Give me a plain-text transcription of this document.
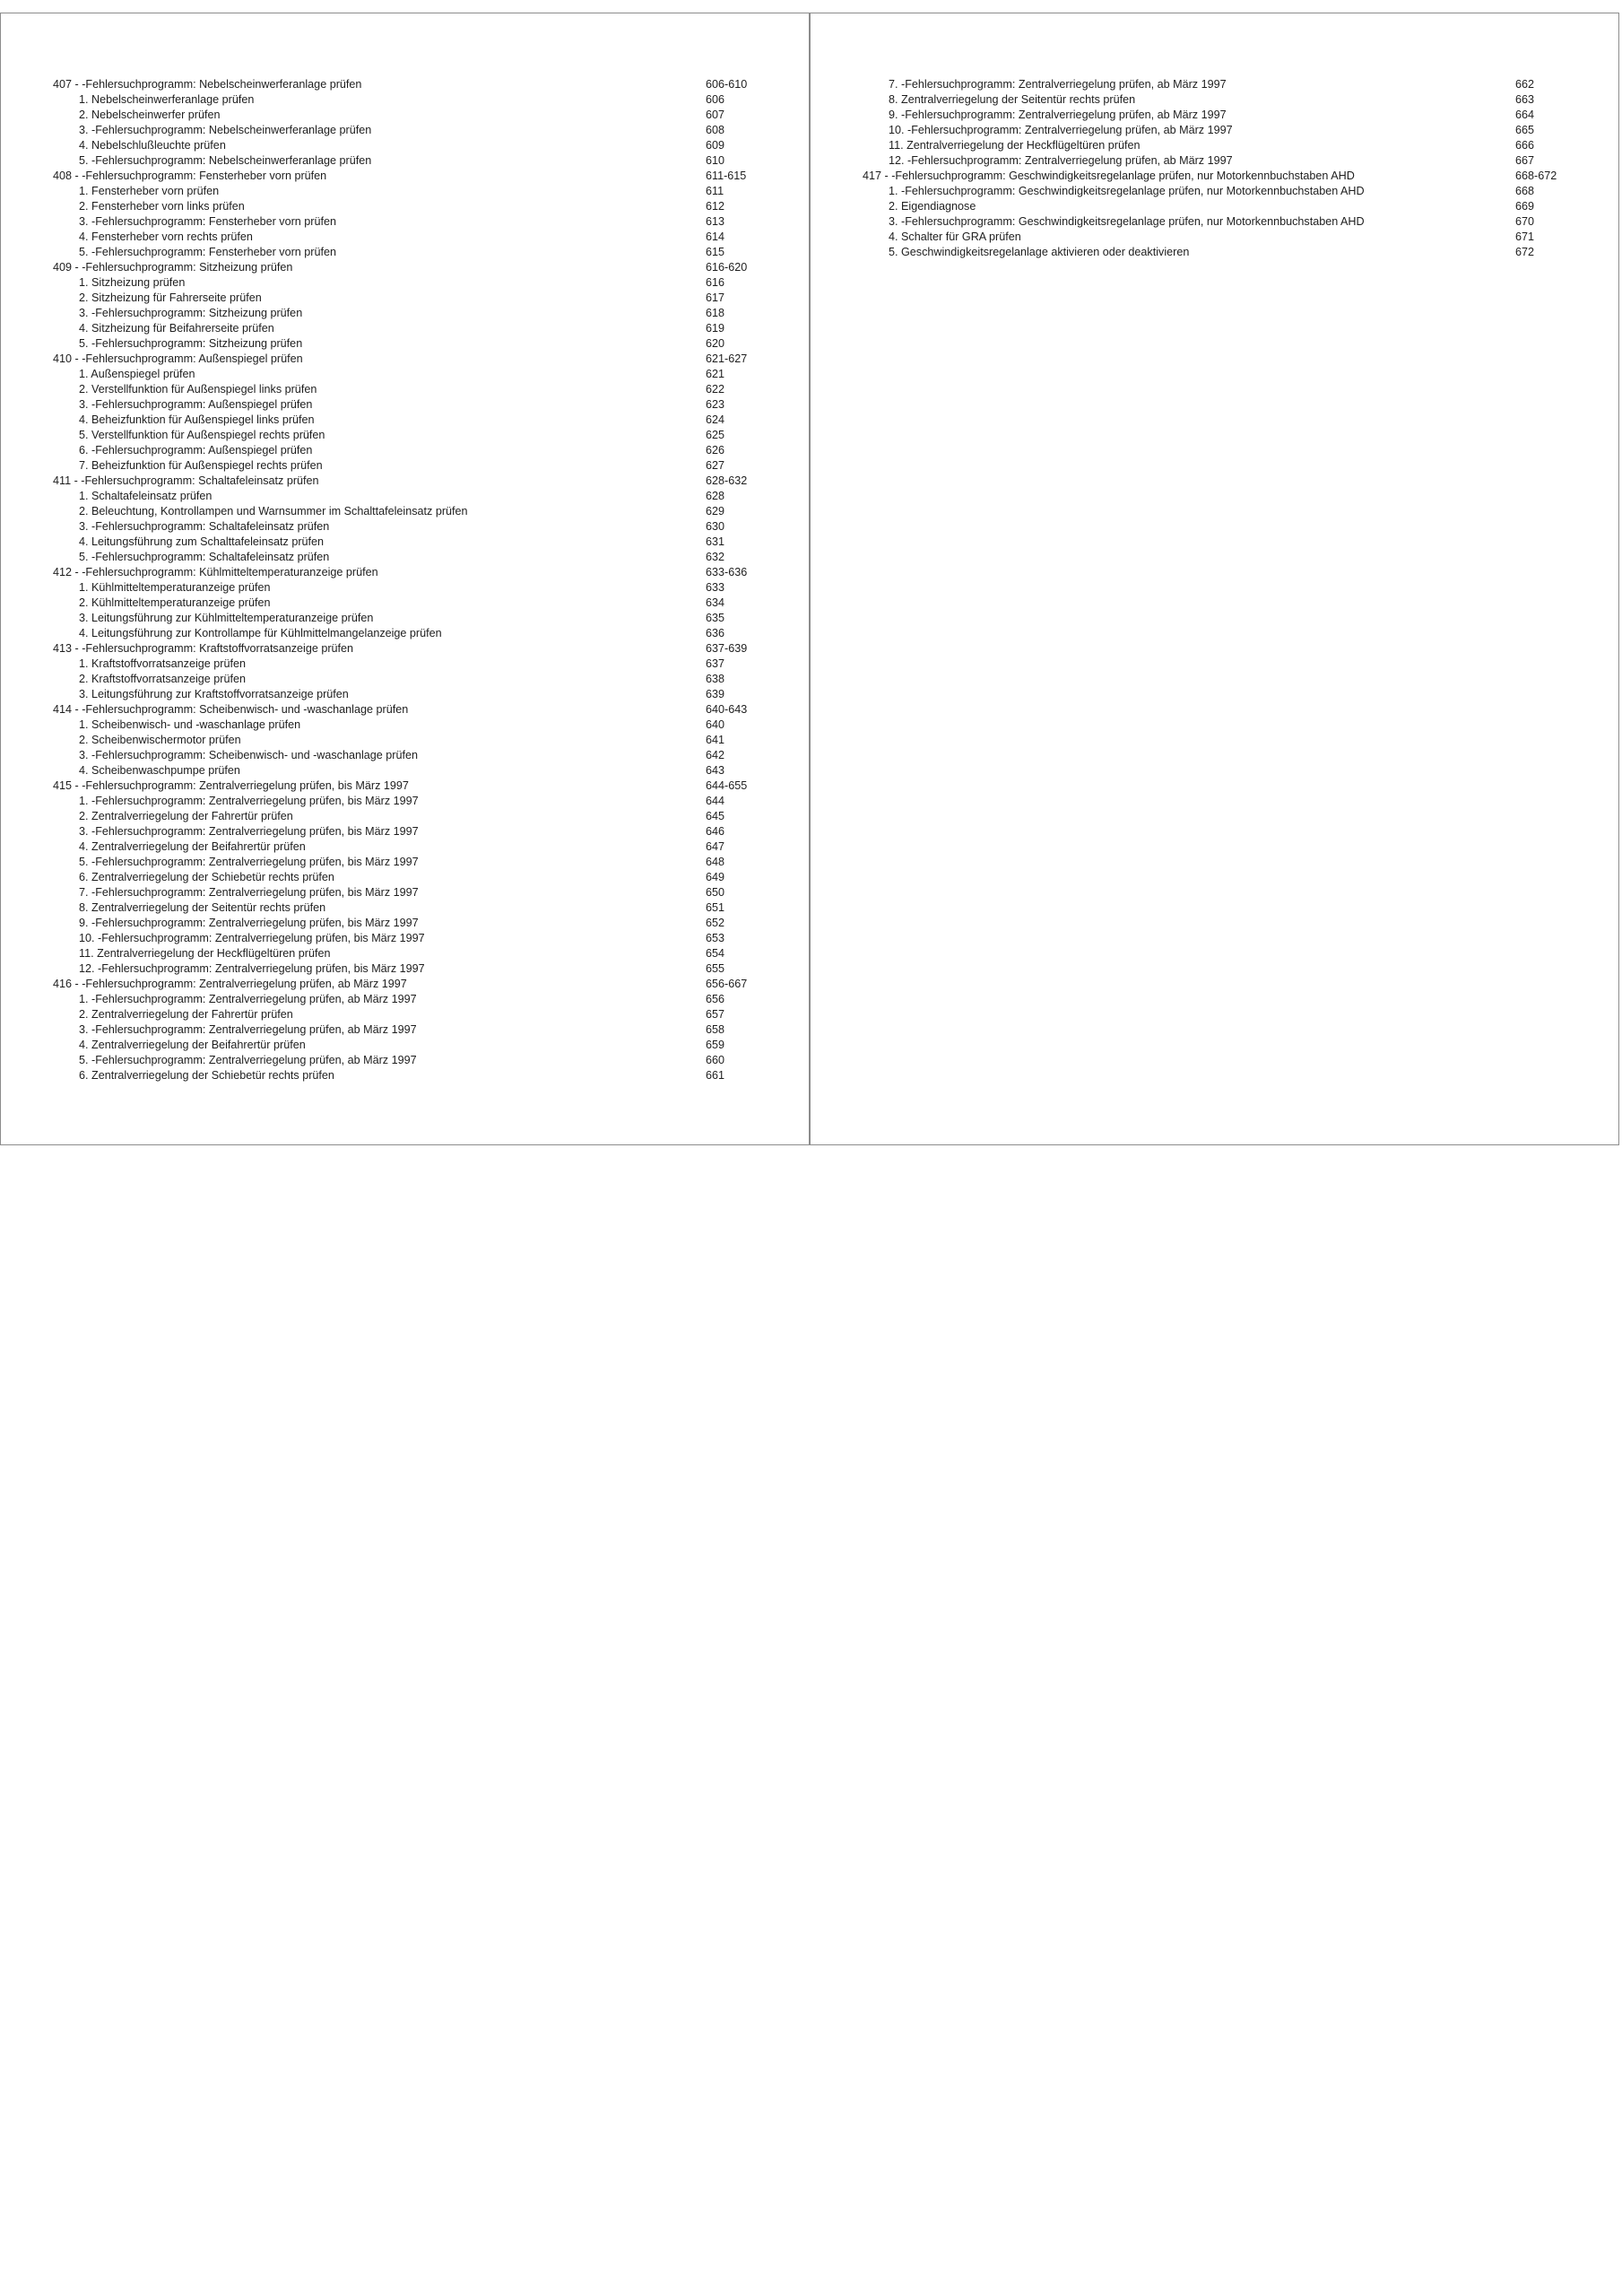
407 - -Fehlersuchprogramm: Nebelscheinwerferanlage prüfen	606-610
1. Nebelscheinwerferanlage prüfen	606
2. Nebelscheinwerfer prüfen	607
3. -Fehlersuchprogramm: Nebelscheinwerferanlage prüfen	608
4. Nebelschlußleuchte prüfen	609
5. -Fehlersuchprogramm: Nebelscheinwerferanlage prüfen	610
408 - -Fehlersuchprogramm: Fensterheber vorn prüfen	611-615
1. Fensterheber vorn prüfen	611
2. Fensterheber vorn links prüfen	612
3. -Fehlersuchprogramm: Fensterheber vorn prüfen	613
4. Fensterheber vorn rechts prüfen	614
5. -Fehlersuchprogramm: Fensterheber vorn prüfen	615
409 - -Fehlersuchprogramm: Sitzheizung prüfen	616-620
1. Sitzheizung prüfen	616
2. Sitzheizung für Fahrerseite prüfen	617
3. -Fehlersuchprogramm: Sitzheizung prüfen	618
4. Sitzheizung für Beifahrerseite prüfen	619
5. -Fehlersuchprogramm: Sitzheizung prüfen	620
410 - -Fehlersuchprogramm: Außenspiegel prüfen	621-627
1. Außenspiegel prüfen	621
2. Verstellfunktion für Außenspiegel links prüfen	622
3. -Fehlersuchprogramm: Außenspiegel prüfen	623
4. Beheizfunktion für Außenspiegel links prüfen	624
5. Verstellfunktion für Außenspiegel rechts prüfen	625
6. -Fehlersuchprogramm: Außenspiegel prüfen	626
7. Beheizfunktion für Außenspiegel rechts prüfen	627
411 - -Fehlersuchprogramm: Schaltafeleinsatz prüfen	628-632
1. Schaltafeleinsatz prüfen	628
2. Beleuchtung, Kontrollampen und Warnsummer im Schalttafeleinsatz prüfen	629
3. -Fehlersuchprogramm: Schaltafeleinsatz prüfen	630
4. Leitungsführung zum Schalttafeleinsatz prüfen	631
5. -Fehlersuchprogramm: Schaltafeleinsatz prüfen	632
412 - -Fehlersuchprogramm: Kühlmitteltemperaturanzeige prüfen	633-636
1. Kühlmitteltemperaturanzeige prüfen	633
2. Kühlmitteltemperaturanzeige prüfen	634
3. Leitungsführung zur Kühlmitteltemperaturanzeige prüfen	635
4. Leitungsführung zur Kontrollampe für Kühlmittelmangelanzeige prüfen	636
413 - -Fehlersuchprogramm: Kraftstoffvorratsanzeige prüfen	637-639
1. Kraftstoffvorratsanzeige prüfen	637
2. Kraftstoffvorratsanzeige prüfen	638
3. Leitungsführung zur Kraftstoffvorratsanzeige prüfen	639
414 - -Fehlersuchprogramm: Scheibenwisch- und -waschanlage prüfen	640-643
1. Scheibenwisch- und -waschanlage prüfen	640
2. Scheibenwischermotor prüfen	641
3. -Fehlersuchprogramm: Scheibenwisch- und -waschanlage prüfen	642
4. Scheibenwaschpumpe prüfen	643
415 - -Fehlersuchprogramm: Zentralverriegelung prüfen, bis März 1997	644-655
1. -Fehlersuchprogramm: Zentralverriegelung prüfen, bis März 1997	644
2. Zentralverriegelung der Fahrertür prüfen	645
3. -Fehlersuchprogramm: Zentralverriegelung prüfen, bis März 1997	646
4. Zentralverriegelung der Beifahrertür prüfen	647
5. -Fehlersuchprogramm: Zentralverriegelung prüfen, bis März 1997	648
6. Zentralverriegelung der Schiebetür rechts prüfen	649
7. -Fehlersuchprogramm: Zentralverriegelung prüfen, bis März 1997	650
8. Zentralverriegelung der Seitentür rechts prüfen	651
9. -Fehlersuchprogramm: Zentralverriegelung prüfen, bis März 1997	652
10. -Fehlersuchprogramm: Zentralverriegelung prüfen, bis März 1997	653
11. Zentralverriegelung der Heckflügeltüren prüfen	654
12. -Fehlersuchprogramm: Zentralverriegelung prüfen, bis März 1997	655
416 - -Fehlersuchprogramm: Zentralverriegelung prüfen, ab März 1997	656-667
1. -Fehlersuchprogramm: Zentralverriegelung prüfen, ab März 1997	656
2. Zentralverriegelung der Fahrertür prüfen	657
3. -Fehlersuchprogramm: Zentralverriegelung prüfen, ab März 1997	658
4. Zentralverriegelung der Beifahrertür prüfen	659
5. -Fehlersuchprogramm: Zentralverriegelung prüfen, ab März 1997	660
6. Zentralverriegelung der Schiebetür rechts prüfen	661
7. -Fehlersuchprogramm: Zentralverriegelung prüfen, ab März 1997	662
8. Zentralverriegelung der Seitentür rechts prüfen	663
9. -Fehlersuchprogramm: Zentralverriegelung prüfen, ab März 1997	664
10. -Fehlersuchprogramm: Zentralverriegelung prüfen, ab März 1997	665
11. Zentralverriegelung der Heckflügeltüren prüfen	666
12. -Fehlersuchprogramm: Zentralverriegelung prüfen, ab März 1997	667
417 - -Fehlersuchprogramm: Geschwindigkeitsregelanlage prüfen, nur Motorkennbuchstaben AHD	668-672
1. -Fehlersuchprogramm: Geschwindigkeitsregelanlage prüfen, nur Motorkennbuchstaben AHD	668
2. Eigendiagnose	669
3. -Fehlersuchprogramm: Geschwindigkeitsregelanlage prüfen, nur Motorkennbuchstaben AHD	670
4. Schalter für GRA prüfen	671
5. Geschwindigkeitsregelanlage aktivieren oder deaktivieren	672
